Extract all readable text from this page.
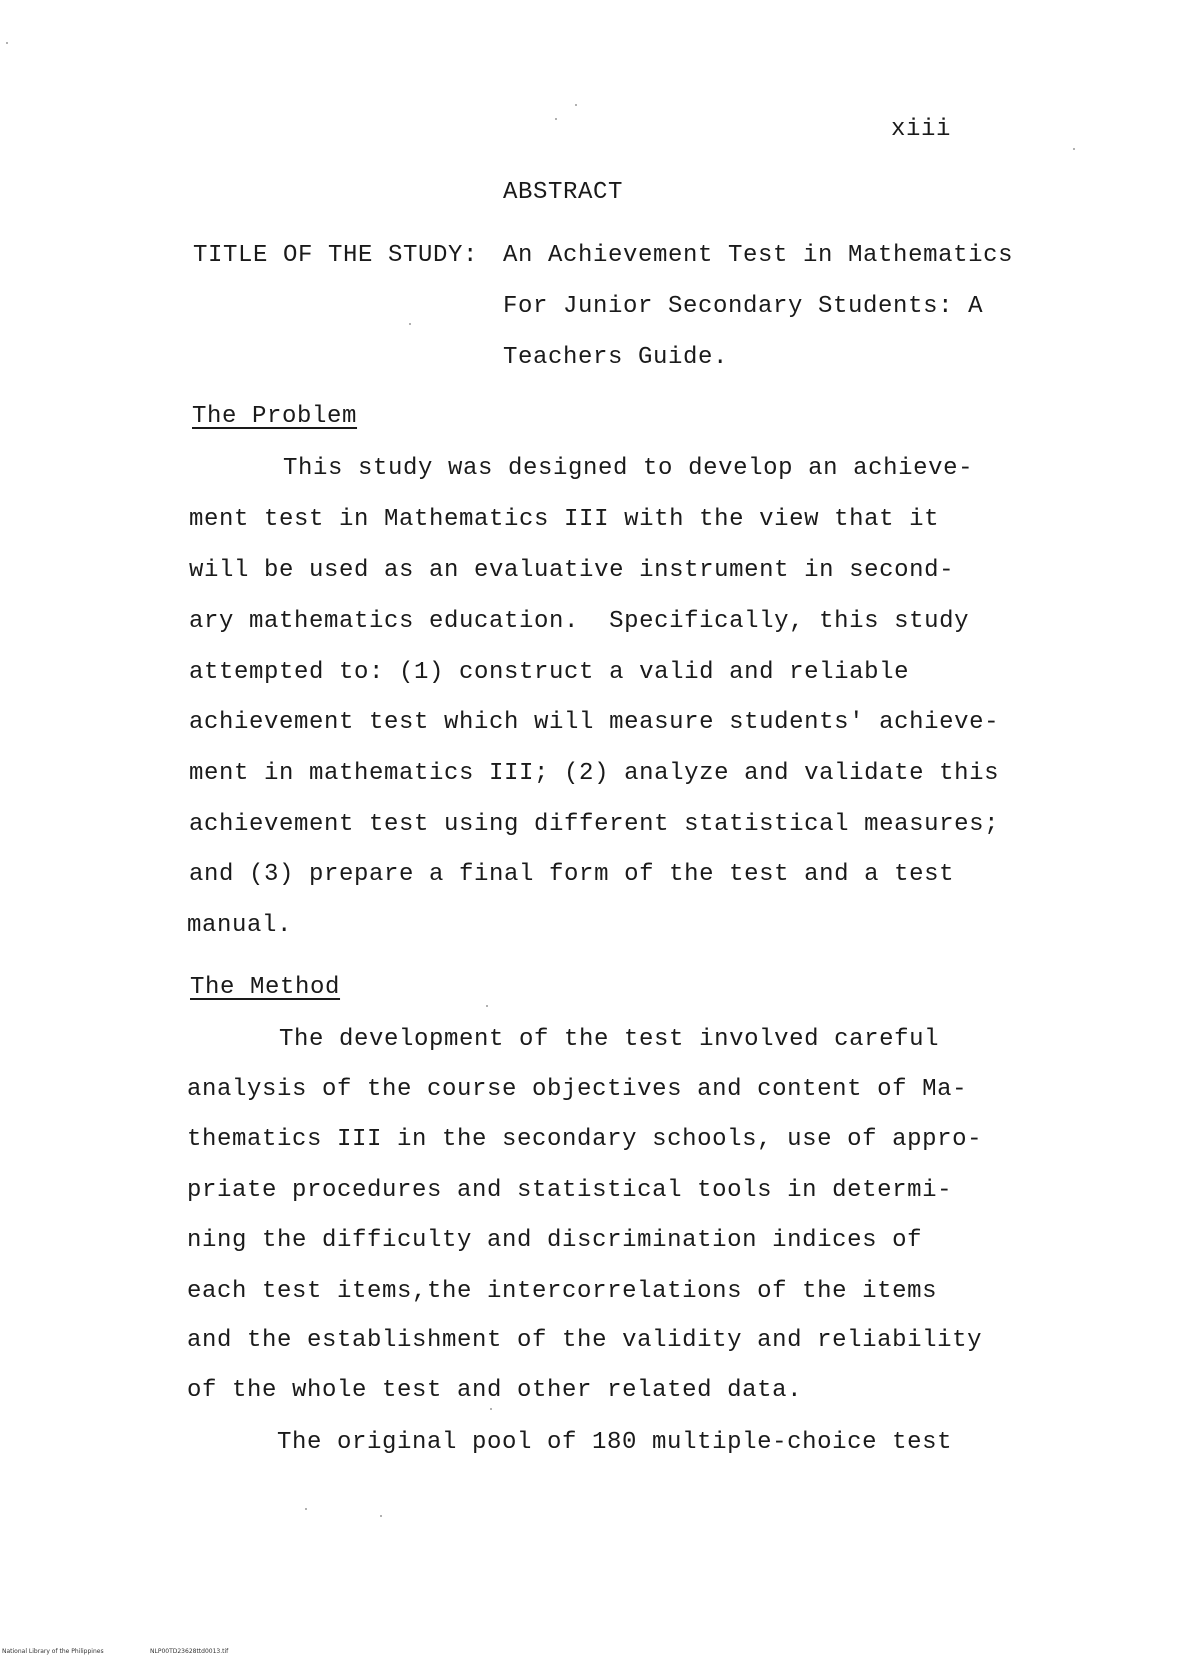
xiii
ABSTRACT
TITLE OF THE STUDY: An Achievement Test in Mathematics
For Junior Secondary Students: A
Teachers Guide.
The Problem
This study was designed to develop an achieve-
ment test in Mathematics III with the view that it
will be used as an evaluative instrument in second-
ary mathematics education.  Specifically, this study
attempted to: (1) construct a valid and reliable
achievement test which will measure students' achieve-
ment in mathematics III; (2) analyze and validate this
achievement test using different statistical measures;
and (3) prepare a final form of the test and a test
manual.
The Method
The development of the test involved careful
analysis of the course objectives and content of Ma-
thematics III in the secondary schools, use of appro-
priate procedures and statistical tools in determi-
ning the difficulty and discrimination indices of
each test items,the intercorrelations of the items
and the establishment of the validity and reliability
of the whole test and other related data.
The original pool of 180 multiple-choice test
National Library of the Philippines	NLP00TD23628ttd0013.tif
